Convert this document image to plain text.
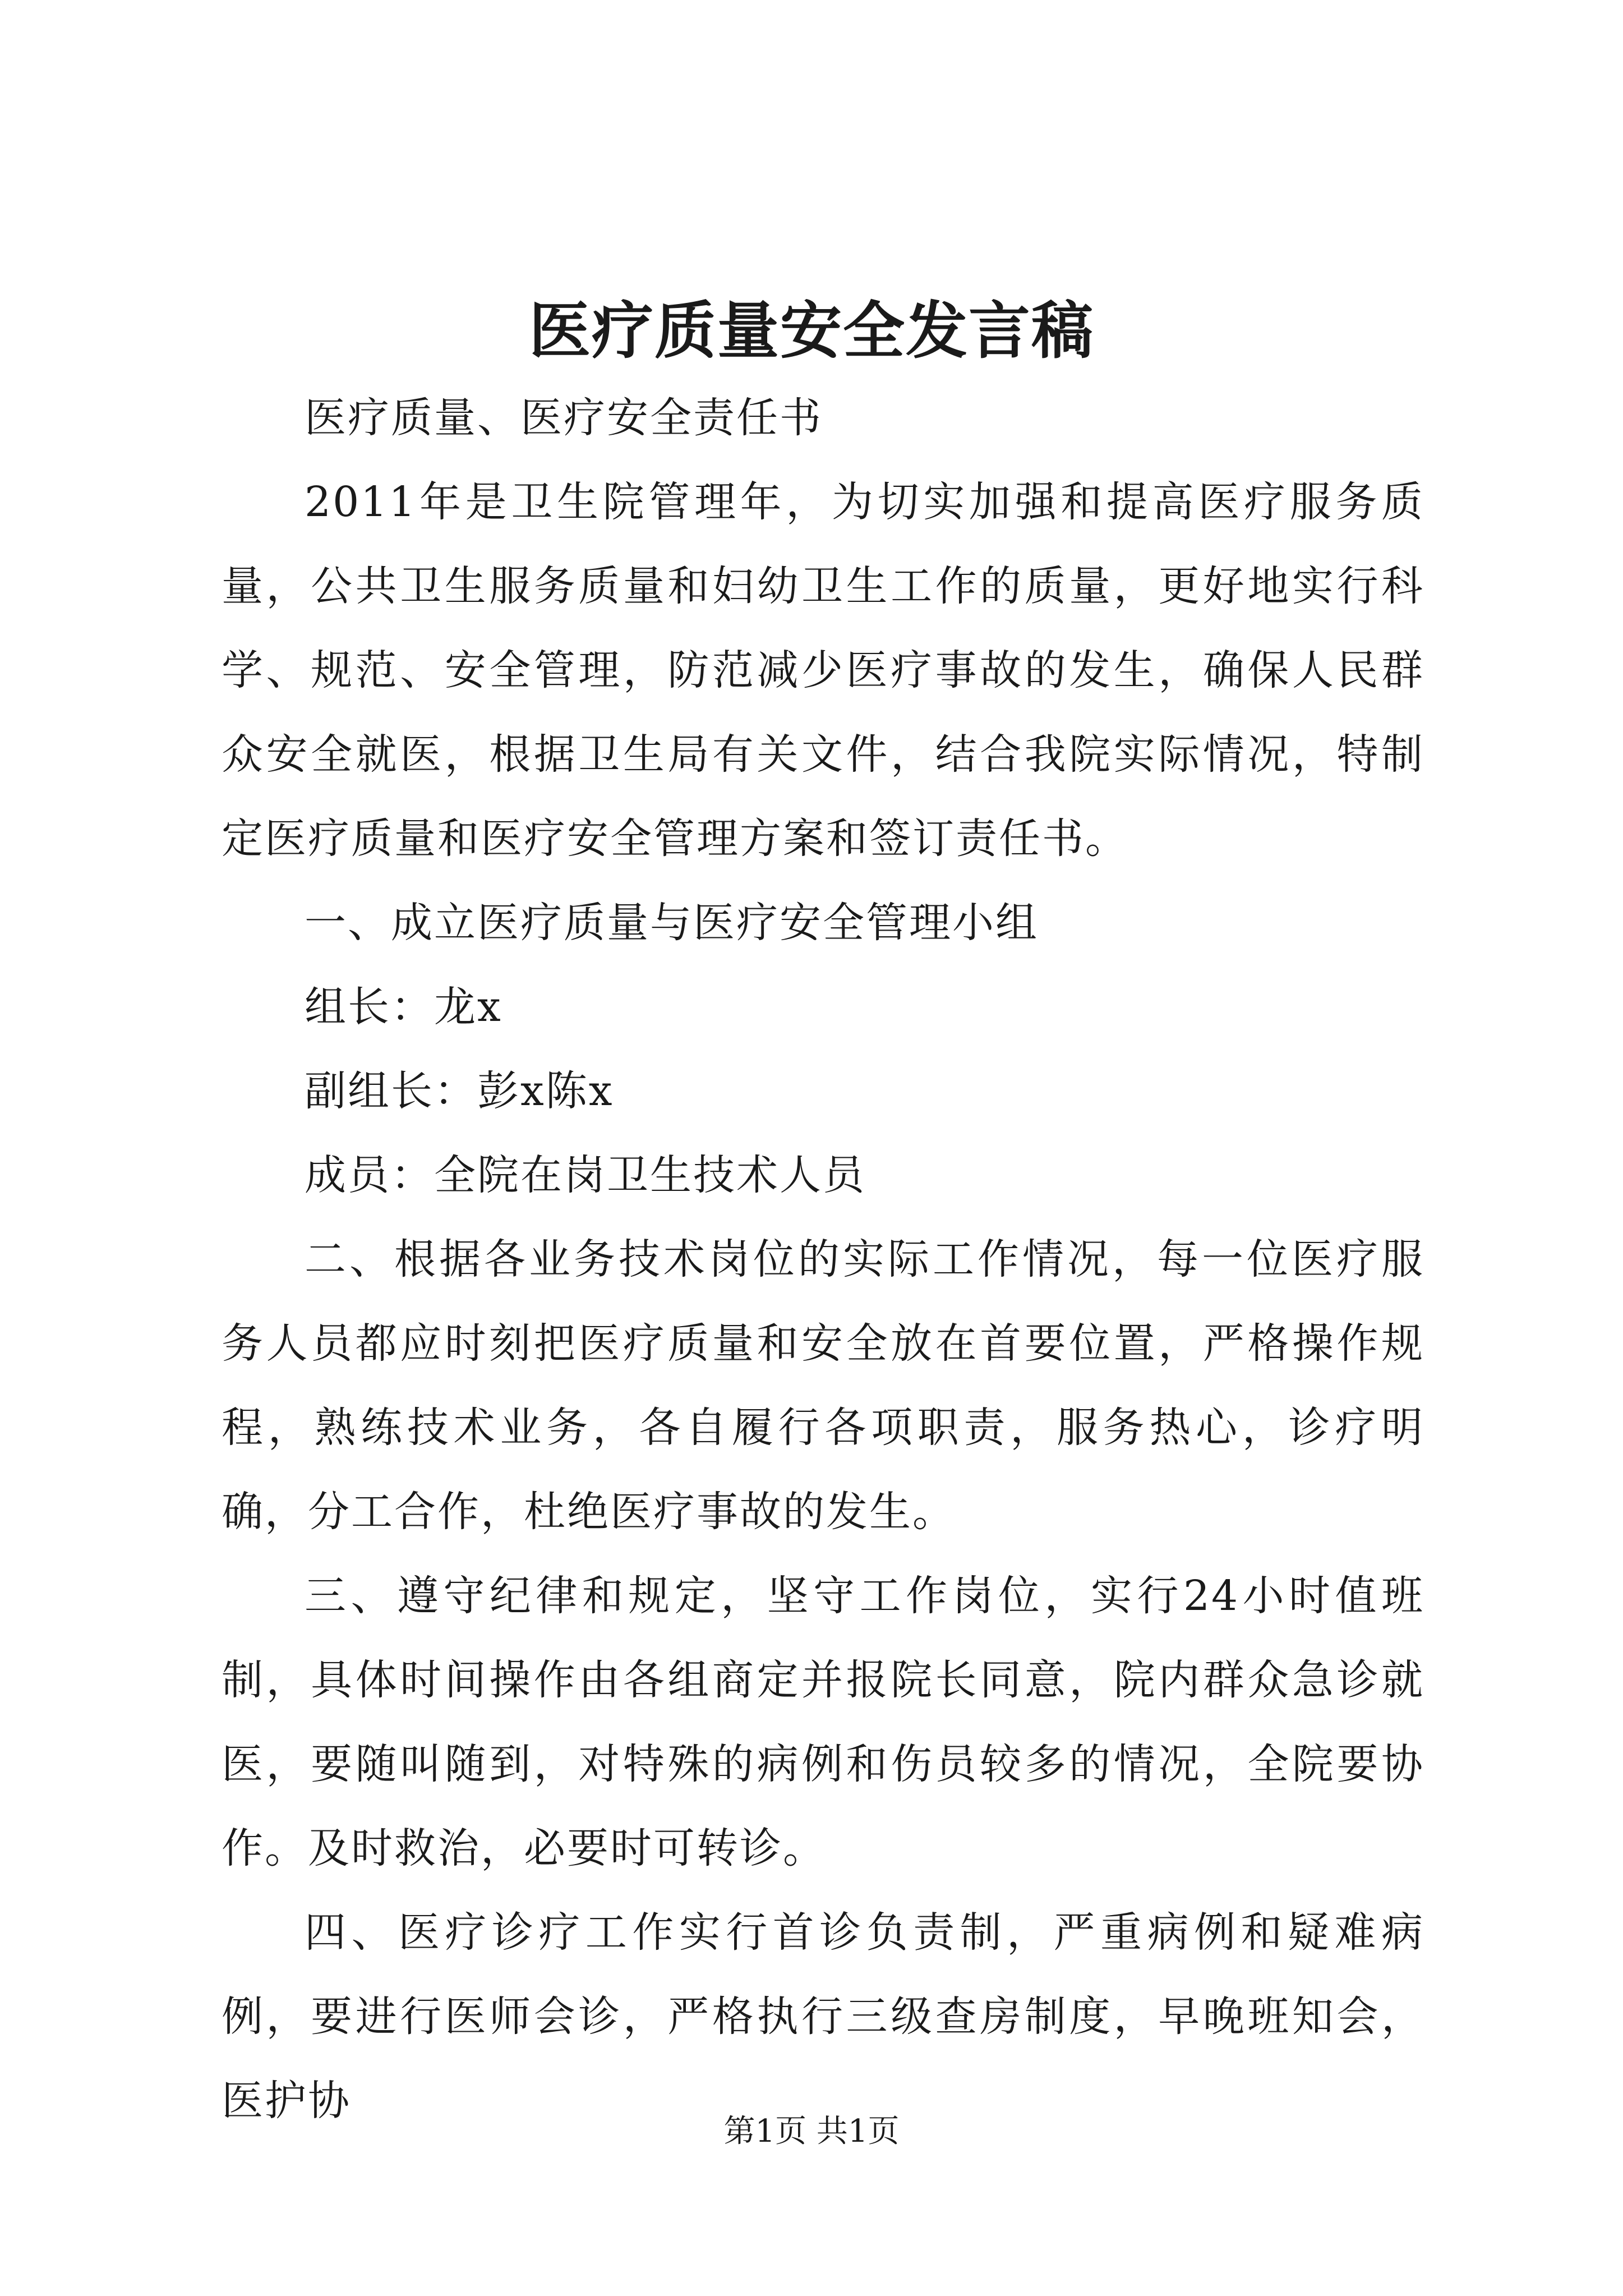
医疗质量安全发言稿

医疗质量、医疗安全责任书

2011年是卫生院管理年，为切实加强和提高医疗服务质量，公共卫生服务质量和妇幼卫生工作的质量，更好地实行科学、规范、安全管理，防范减少医疗事故的发生，确保人民群众安全就医，根据卫生局有关文件，结合我院实际情况，特制定医疗质量和医疗安全管理方案和签订责任书。

一、成立医疗质量与医疗安全管理小组

组长：龙x

副组长：彭x陈x

成员：全院在岗卫生技术人员

二、根据各业务技术岗位的实际工作情况，每一位医疗服务人员都应时刻把医疗质量和安全放在首要位置，严格操作规程，熟练技术业务，各自履行各项职责，服务热心，诊疗明确，分工合作，杜绝医疗事故的发生。

三、遵守纪律和规定，坚守工作岗位，实行24小时值班制，具体时间操作由各组商定并报院长同意，院内群众急诊就医，要随叫随到，对特殊的病例和伤员较多的情况，全院要协作。及时救治，必要时可转诊。

四、医疗诊疗工作实行首诊负责制，严重病例和疑难病例，要进行医师会诊，严格执行三级查房制度，早晚班知会，医护协

第1页 共1页
